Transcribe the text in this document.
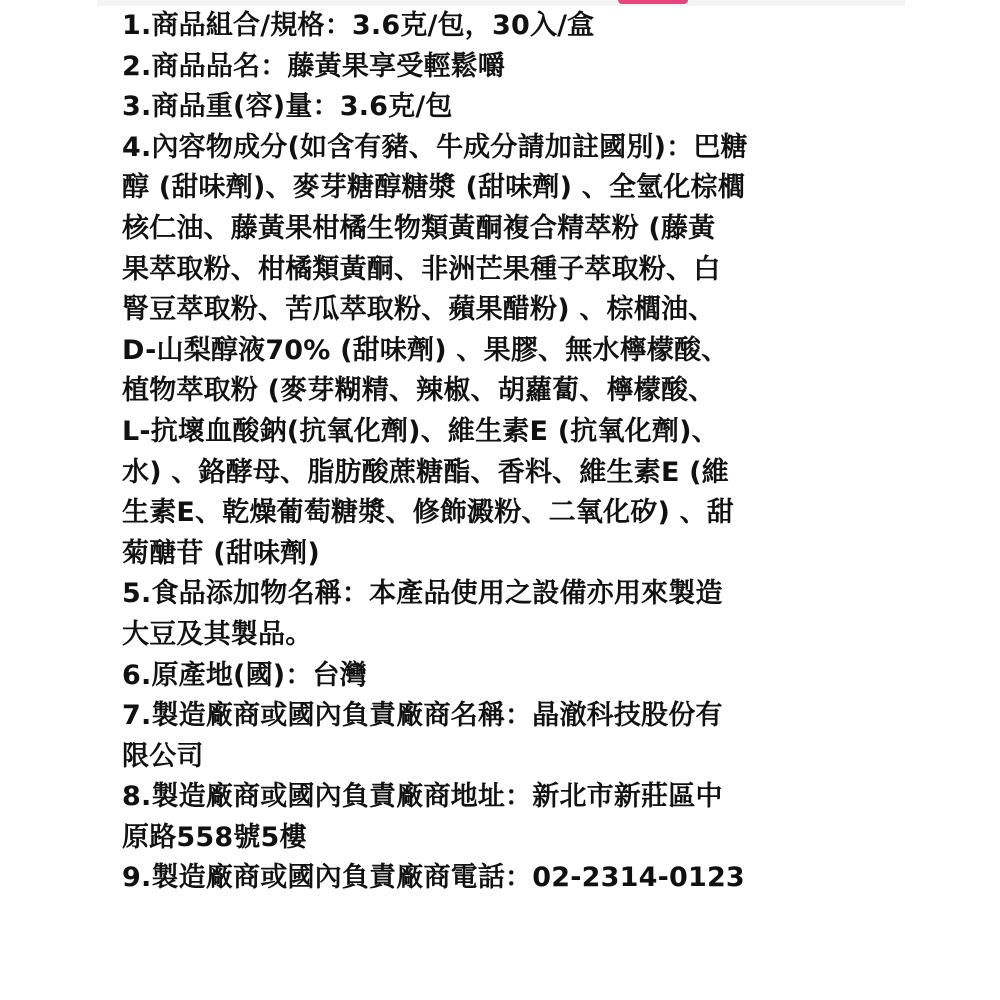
1.商品組合/規格：3.6克/包，30入/盒
2.商品品名：藤黃果享受輕鬆嚼
3.商品重(容)量：3.6克/包
4.內容物成分(如含有豬、牛成分請加註國別)：巴糖
醇 (甜味劑)、麥芽糖醇糖漿 (甜味劑) 、全氫化棕櫚
核仁油、藤黃果柑橘生物類黃酮複合精萃粉 (藤黃
果萃取粉、柑橘類黃酮、非洲芒果種子萃取粉、白
腎豆萃取粉、苦瓜萃取粉、蘋果醋粉) 、棕櫚油、
D-山梨醇液70% (甜味劑) 、果膠、無水檸檬酸、
植物萃取粉 (麥芽糊精、辣椒、胡蘿蔔、檸檬酸、
L-抗壞血酸鈉(抗氧化劑)、維生素E (抗氧化劑)、
水) 、鉻酵母、脂肪酸蔗糖酯、香料、維生素E (維
生素E、乾燥葡萄糖漿、修飾澱粉、二氧化矽) 、甜
菊醣苷 (甜味劑)
5.食品添加物名稱：本產品使用之設備亦用來製造
大豆及其製品。
6.原產地(國)：台灣
7.製造廠商或國內負責廠商名稱：晶澈科技股份有
限公司
8.製造廠商或國內負責廠商地址：新北市新莊區中
原路558號5樓
9.製造廠商或國內負責廠商電話：02-2314-0123
